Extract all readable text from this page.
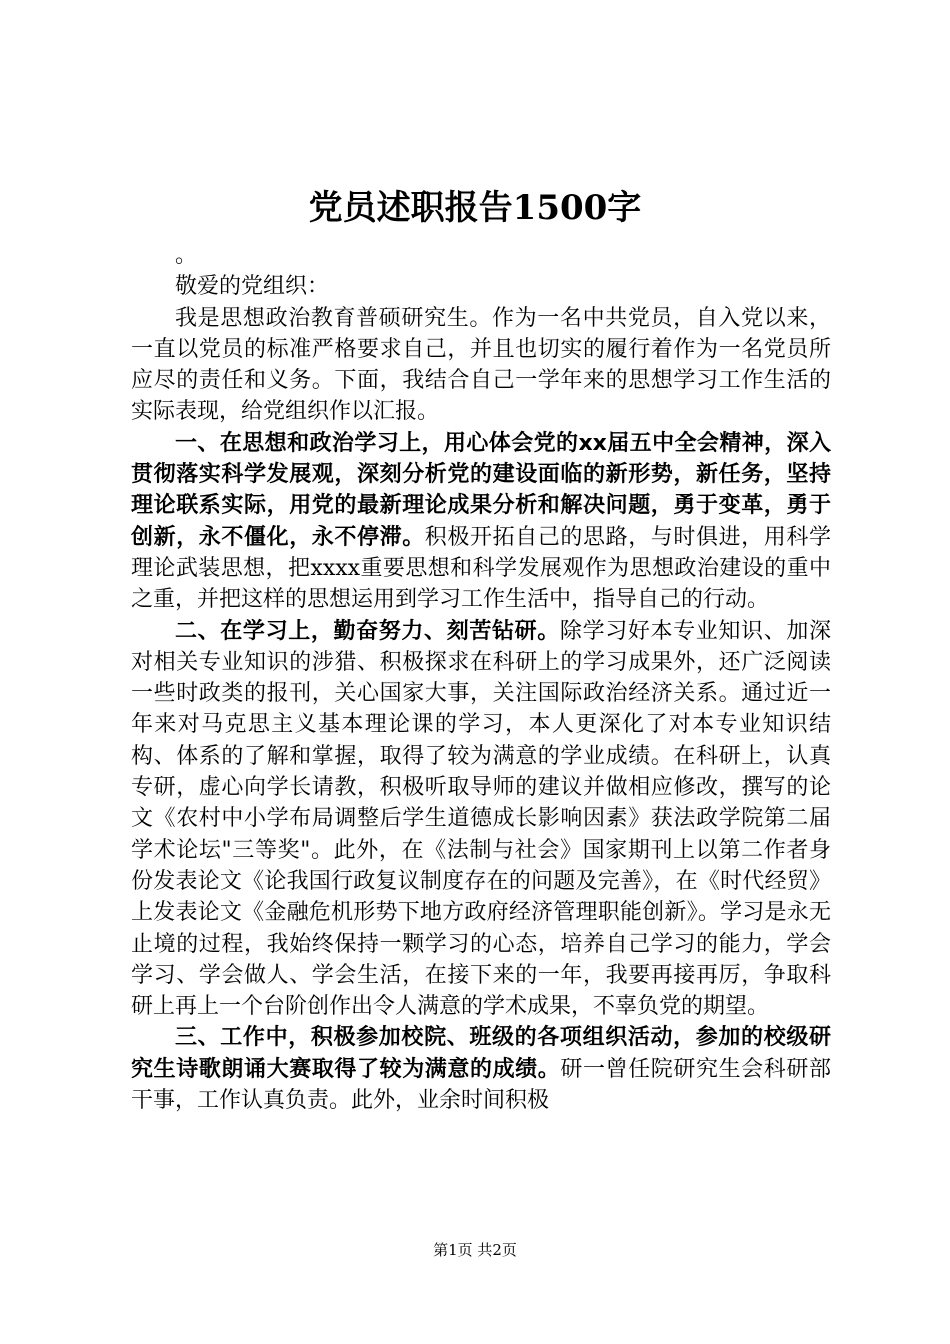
党员述职报告1500字

。

敬爱的党组织：

我是思想政治教育普硕研究生。作为一名中共党员，自入党以来，一直以党员的标准严格要求自己，并且也切实的履行着作为一名党员所应尽的责任和义务。下面，我结合自己一学年来的思想学习工作生活的实际表现，给党组织作以汇报。

一、在思想和政治学习上，用心体会党的xx届五中全会精神，深入贯彻落实科学发展观，深刻分析党的建设面临的新形势，新任务，坚持理论联系实际，用党的最新理论成果分析和解决问题，勇于变革，勇于创新，永不僵化，永不停滞。积极开拓自己的思路，与时俱进，用科学理论武装思想，把xxxx重要思想和科学发展观作为思想政治建设的重中之重，并把这样的思想运用到学习工作生活中，指导自己的行动。

二、在学习上，勤奋努力、刻苦钻研。除学习好本专业知识、加深对相关专业知识的涉猎、积极探求在科研上的学习成果外，还广泛阅读一些时政类的报刊，关心国家大事，关注国际政治经济关系。通过近一年来对马克思主义基本理论课的学习，本人更深化了对本专业知识结构、体系的了解和掌握，取得了较为满意的学业成绩。在科研上，认真专研，虚心向学长请教，积极听取导师的建议并做相应修改，撰写的论文《农村中小学布局调整后学生道德成长影响因素》获法政学院第二届学术论坛"三等奖"。此外，在《法制与社会》国家期刊上以第二作者身份发表论文《论我国行政复议制度存在的问题及完善》，在《时代经贸》上发表论文《金融危机形势下地方政府经济管理职能创新》。学习是永无止境的过程，我始终保持一颗学习的心态，培养自己学习的能力，学会学习、学会做人、学会生活，在接下来的一年，我要再接再厉，争取科研上再上一个台阶创作出令人满意的学术成果，不辜负党的期望。

三、工作中，积极参加校院、班级的各项组织活动，参加的校级研究生诗歌朗诵大赛取得了较为满意的成绩。研一曾任院研究生会科研部干事，工作认真负责。此外，业余时间积极

第1页 共2页
